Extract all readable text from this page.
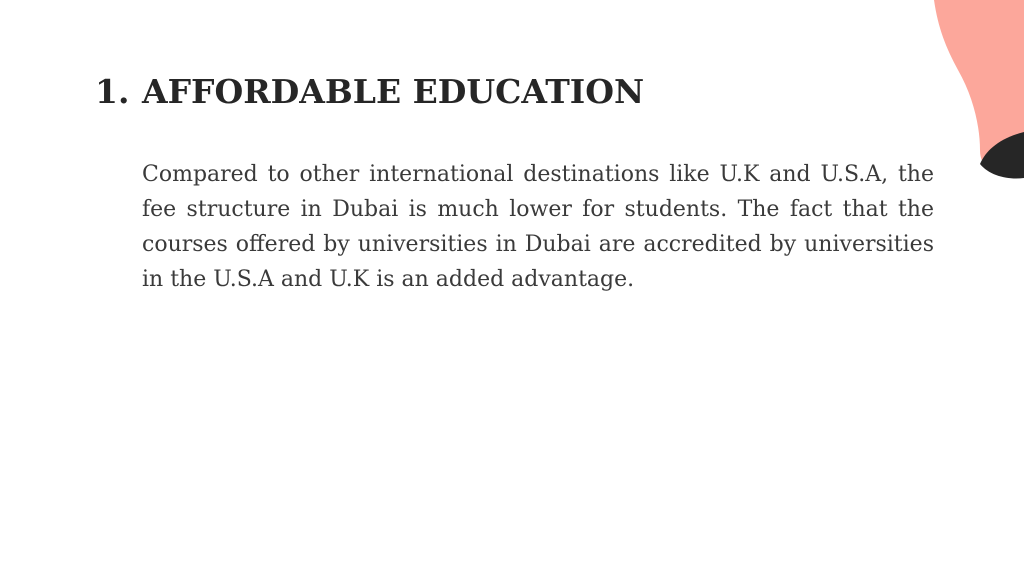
1. AFFORDABLE EDUCATION

Compared to other international destinations like U.K and U.S.A, the fee structure in Dubai is much lower for students. The fact that the courses offered by universities in Dubai are accredited by universities in the U.S.A and U.K is an added advantage.
